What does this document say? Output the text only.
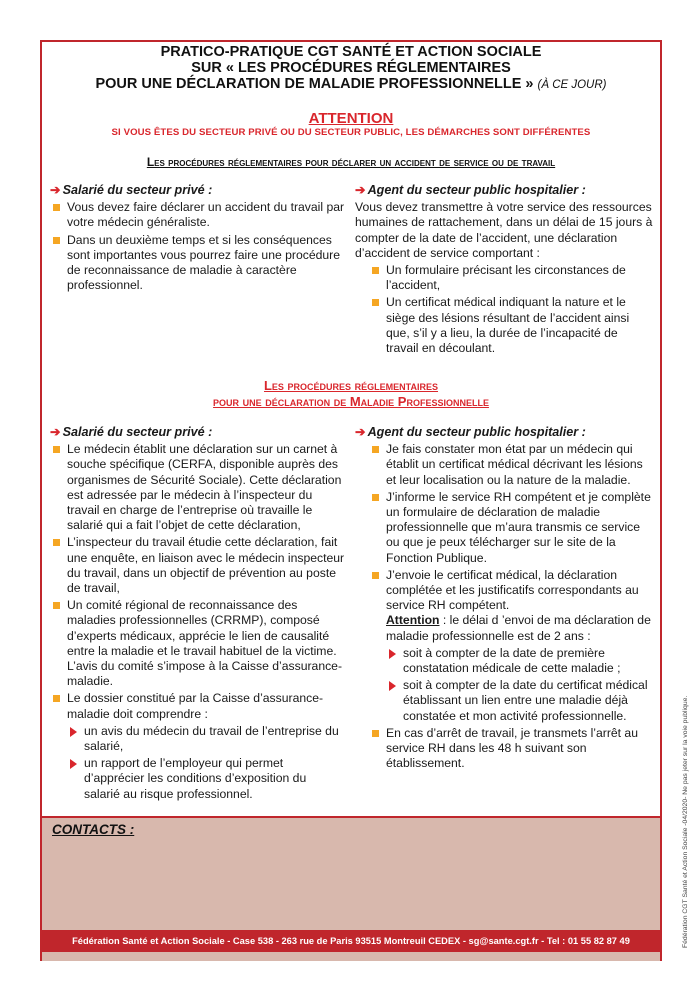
PRATICO-PRATIQUE CGT SANTÉ ET ACTION SOCIALE
SUR « LES PROCÉDURES RÉGLEMENTAIRES
POUR UNE DÉCLARATION DE MALADIE PROFESSIONNELLE » (À CE JOUR)
ATTENTION
SI VOUS ÊTES DU SECTEUR PRIVÉ OU DU SECTEUR PUBLIC, LES DÉMARCHES SONT DIFFÉRENTES
Les procédures réglementaires pour déclarer un accident de service ou de travail
➔ Salarié du secteur privé :
Vous devez faire déclarer un accident du travail par votre médecin généraliste.
Dans un deuxième temps et si les conséquences sont importantes vous pourrez faire une procédure de reconnaissance de maladie à caractère professionnel.
➔ Agent du secteur public hospitalier :
Vous devez transmettre à votre service des ressources humaines de rattachement, dans un délai de 15 jours à compter de la date de l’accident, une déclaration d’accident de service comportant :
Un formulaire précisant les circonstances de l’accident,
Un certificat médical indiquant la nature et le siège des lésions résultant de l’accident ainsi que, s’il y a lieu, la durée de l’incapacité de travail en découlant.
Les procédures réglementaires
pour une déclaration de Maladie Professionnelle
➔ Salarié du secteur privé :
Le médecin établit une déclaration sur un carnet à souche spécifique (CERFA, disponible auprès des organismes de Sécurité Sociale). Cette déclaration est adressée par le médecin à l’inspecteur du travail en charge de l’entreprise où travaille le salarié qui a fait l’objet de cette déclaration,
L’inspecteur du travail étudie cette déclaration, fait une enquête, en liaison avec le médecin inspecteur du travail, dans un objectif de prévention au poste de travail,
Un comité régional de reconnaissance des maladies professionnelles (CRRMP), composé d’experts médicaux, apprécie le lien de causalité entre la maladie et le travail habituel de la victime. L’avis du comité s’impose à la Caisse d’assurance-maladie.
Le dossier constitué par la Caisse d’assurance-maladie doit comprendre :
un avis du médecin du travail de l’entreprise du salarié,
un rapport de l’employeur qui permet d’apprécier les conditions d’exposition du salarié au risque professionnel.
➔ Agent du secteur public hospitalier :
Je fais constater mon état par un médecin qui établit un certificat médical décrivant les lésions et leur localisation ou la nature de la maladie.
J’informe le service RH compétent et je complète un formulaire de déclaration de maladie professionnelle que m’aura transmis ce service ou que je peux télécharger sur le site de la Fonction Publique.
J’envoie le certificat médical, la déclaration complétée et les justificatifs correspondants au service RH compétent.
Attention : le délai d ’envoi de ma déclaration de maladie professionnelle est de 2 ans :
soit à compter de la date de première constatation médicale de cette maladie ;
soit à compter de la date du certificat médical établissant un lien entre une maladie déjà constatée et mon activité professionnelle.
En cas d’arrêt de travail, je transmets l’arrêt au service RH dans les 48 h suivant son établissement.
CONTACTS :
Fédération Santé et Action Sociale - Case 538 - 263 rue de Paris 93515 Montreuil CEDEX - sg@sante.cgt.fr - Tel : 01 55 82 87 49	Fédération CGT Santé et Action Sociale -04/2020- Ne pas jeter sur la voie publique.
